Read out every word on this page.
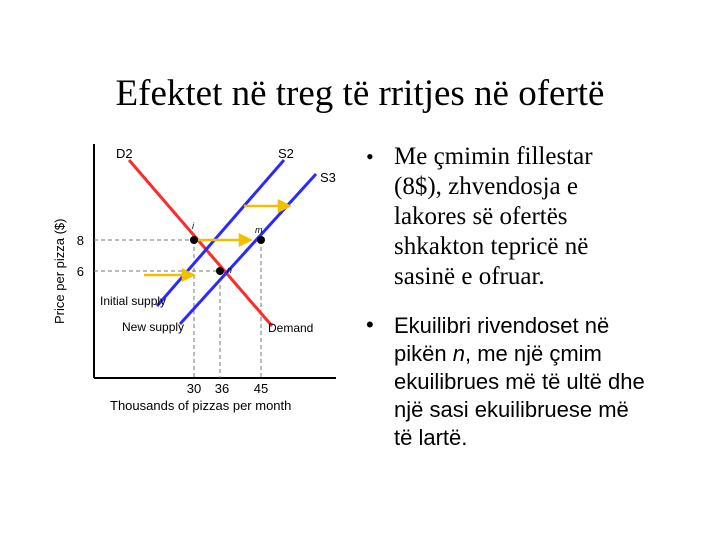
Efektet në treg të rritjes në ofertë
i	m
n
D2	S2
S3
Demand
Initial supply
New supply
8
6
30 36 45
Price per pizza ($)
Thousands of pizzas per month
• Me çmimin fillestar
(8$), zhvendosja e
lakores së ofertës
shkakton tepricë në
sasinë e ofruar.
• Ekuilibri rivendoset në
pikën n, me një çmim
ekuilibrues më të ultë dhe
një sasi ekuilibruese më
të lartë.
